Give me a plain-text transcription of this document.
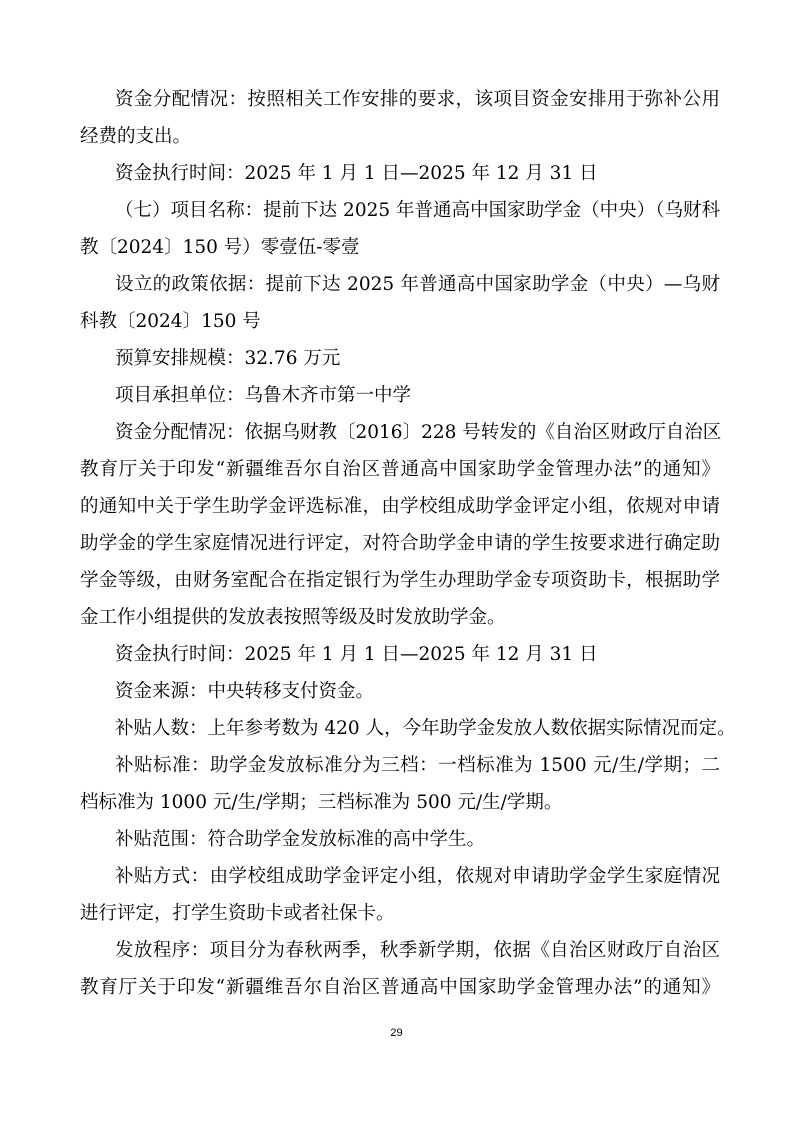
资金分配情况：按照相关工作安排的要求，该项目资金安排用于弥补公用
经费的支出。
资金执行时间：2025 年 1 月 1 日—2025 年 12 月 31 日
（七）项目名称：提前下达 2025 年普通高中国家助学金（中央）（乌财科
教〔2024〕150 号）零壹伍-零壹
设立的政策依据：提前下达 2025 年普通高中国家助学金（中央）—乌财
科教〔2024〕150 号
预算安排规模：32.76 万元
项目承担单位：乌鲁木齐市第一中学
资金分配情况：依据乌财教〔2016〕228 号转发的《自治区财政厅自治区
教育厅关于印发“新疆维吾尔自治区普通高中国家助学金管理办法”的通知》
的通知中关于学生助学金评选标准，由学校组成助学金评定小组，依规对申请
助学金的学生家庭情况进行评定，对符合助学金申请的学生按要求进行确定助
学金等级，由财务室配合在指定银行为学生办理助学金专项资助卡，根据助学
金工作小组提供的发放表按照等级及时发放助学金。
资金执行时间：2025 年 1 月 1 日—2025 年 12 月 31 日
资金来源：中央转移支付资金。
补贴人数：上年参考数为 420 人，今年助学金发放人数依据实际情况而定。
补贴标准：助学金发放标准分为三档：一档标准为 1500 元/生/学期；二
档标准为 1000 元/生/学期；三档标准为 500 元/生/学期。
补贴范围：符合助学金发放标准的高中学生。
补贴方式：由学校组成助学金评定小组，依规对申请助学金学生家庭情况
进行评定，打学生资助卡或者社保卡。
发放程序：项目分为春秋两季，秋季新学期，依据《自治区财政厅自治区
教育厅关于印发“新疆维吾尔自治区普通高中国家助学金管理办法”的通知》
29
